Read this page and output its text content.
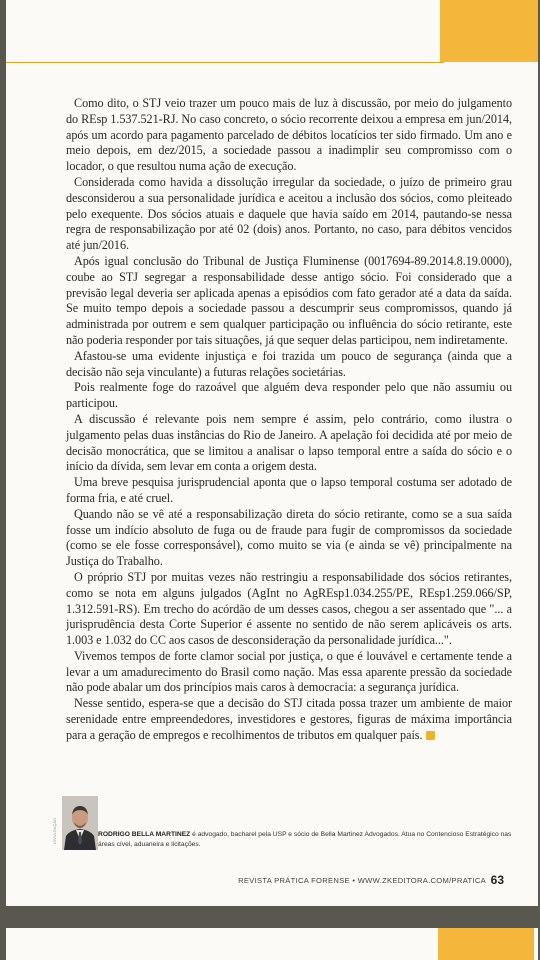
Como dito, o STJ veio trazer um pouco mais de luz à discussão, por meio do julgamento do REsp 1.537.521-RJ. No caso concreto, o sócio recorrente deixou a empresa em jun/2014, após um acordo para pagamento parcelado de débitos locatícios ter sido firmado. Um ano e meio depois, em dez/2015, a sociedade passou a inadimplir seu compromisso com o locador, o que resultou numa ação de execução.

Considerada como havida a dissolução irregular da sociedade, o juízo de primeiro grau desconsiderou a sua personalidade jurídica e aceitou a inclusão dos sócios, como pleiteado pelo exequente. Dos sócios atuais e daquele que havia saído em 2014, pautando-se nessa regra de responsabilização por até 02 (dois) anos. Portanto, no caso, para débitos vencidos até jun/2016.

Após igual conclusão do Tribunal de Justiça Fluminense (0017694-89.2014.8.19.0000), coube ao STJ segregar a responsabilidade desse antigo sócio. Foi considerado que a previsão legal deveria ser aplicada apenas a episódios com fato gerador até a data da saída. Se muito tempo depois a sociedade passou a descumprir seus compromissos, quando já administrada por outrem e sem qualquer participação ou influência do sócio retirante, este não poderia responder por tais situações, já que sequer delas participou, nem indiretamente.

Afastou-se uma evidente injustiça e foi trazida um pouco de segurança (ainda que a decisão não seja vinculante) a futuras relações societárias.

Pois realmente foge do razoável que alguém deva responder pelo que não assumiu ou participou.

A discussão é relevante pois nem sempre é assim, pelo contrário, como ilustra o julgamento pelas duas instâncias do Rio de Janeiro. A apelação foi decidida até por meio de decisão monocrática, que se limitou a analisar o lapso temporal entre a saída do sócio e o início da dívida, sem levar em conta a origem desta.

Uma breve pesquisa jurisprudencial aponta que o lapso temporal costuma ser adotado de forma fria, e até cruel.

Quando não se vê até a responsabilização direta do sócio retirante, como se a sua saída fosse um indício absoluto de fuga ou de fraude para fugir de compromissos da sociedade (como se ele fosse corresponsável), como muito se via (e ainda se vê) principalmente na Justiça do Trabalho.

O próprio STJ por muitas vezes não restringiu a responsabilidade dos sócios retirantes, como se nota em alguns julgados (AgInt no AgREsp1.034.255/PE, REsp1.259.066/SP, 1.312.591-RS). Em trecho do acórdão de um desses casos, chegou a ser assentado que "... a jurisprudência desta Corte Superior é assente no sentido de não serem aplicáveis os arts. 1.003 e 1.032 do CC aos casos de desconsideração da personalidade jurídica...".

Vivemos tempos de forte clamor social por justiça, o que é louvável e certamente tende a levar a um amadurecimento do Brasil como nação. Mas essa aparente pressão da sociedade não pode abalar um dos princípios mais caros à democracia: a segurança jurídica.

Nesse sentido, espera-se que a decisão do STJ citada possa trazer um ambiente de maior serenidade entre empreendedores, investidores e gestores, figuras de máxima importância para a geração de empregos e recolhimentos de tributos em qualquer país.

DIVULGAÇÃO	RODRIGO BELLA MARTINEZ é advogado, bacharel pela USP e sócio de Bella Martinez Advogados. Atua no Contencioso Estratégico nas áreas cível, aduaneira e licitações.
REVISTA PRÁTICA FORENSE • WWW.ZKEDITORA.COM/PRATICA 63
